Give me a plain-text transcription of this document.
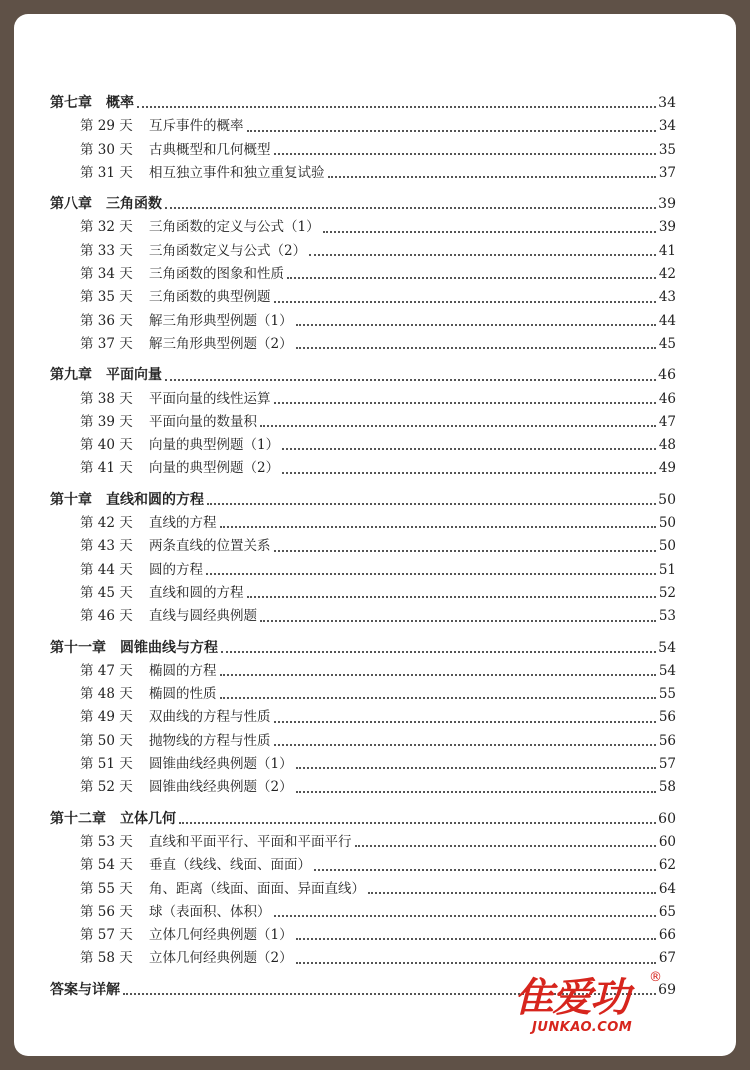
第七章 概率	34
第 29 天	互斥事件的概率	34
第 30 天	古典概型和几何概型	35
第 31 天	相互独立事件和独立重复试验	37
第八章 三角函数	39
第 32 天	三角函数的定义与公式（1）	39
第 33 天	三角函数定义与公式（2）	41
第 34 天	三角函数的图象和性质	42
第 35 天	三角函数的典型例题	43
第 36 天	解三角形典型例题（1）	44
第 37 天	解三角形典型例题（2）	45
第九章 平面向量	46
第 38 天	平面向量的线性运算	46
第 39 天	平面向量的数量积	47
第 40 天	向量的典型例题（1）	48
第 41 天	向量的典型例题（2）	49
第十章 直线和圆的方程	50
第 42 天	直线的方程	50
第 43 天	两条直线的位置关系	50
第 44 天	圆的方程	51
第 45 天	直线和圆的方程	52
第 46 天	直线与圆经典例题	53
第十一章 圆锥曲线与方程	54
第 47 天	椭圆的方程	54
第 48 天	椭圆的性质	55
第 49 天	双曲线的方程与性质	56
第 50 天	抛物线的方程与性质	56
第 51 天	圆锥曲线经典例题（1）	57
第 52 天	圆锥曲线经典例题（2）	58
第十二章 立体几何	60
第 53 天	直线和平面平行、平面和平面平行	60
第 54 天	垂直（线线、线面、面面）	62
第 55 天	角、距离（线面、面面、异面直线）	64
第 56 天	球（表面积、体积）	65
第 57 天	立体几何经典例题（1）	66
第 58 天	立体几何经典例题（2）	67
答案与详解	69
隹爱功 ®
JUNKAO.COM
